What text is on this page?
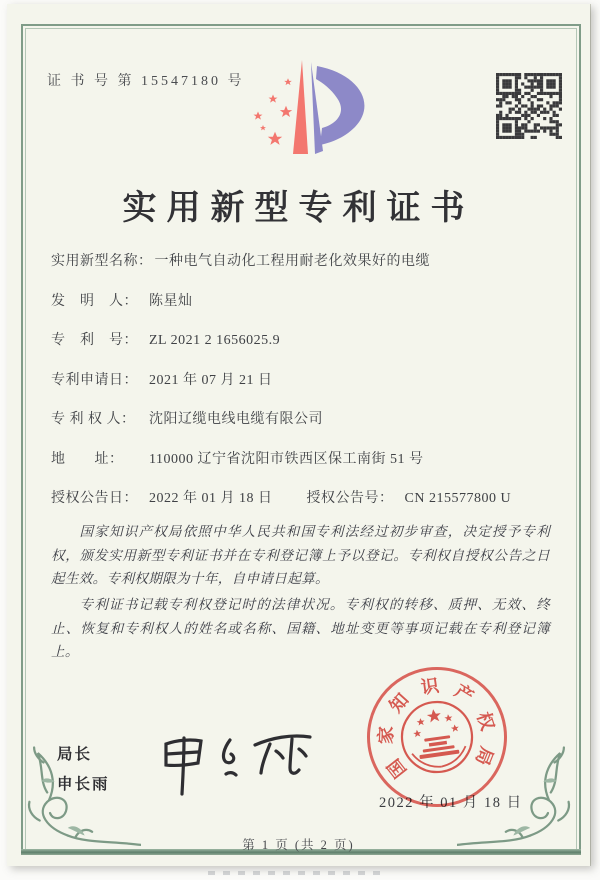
证 书 号 第 15547180 号
实用新型专利证书
实用新型名称： 一种电气自动化工程用耐老化效果好的电缆
发　明　人： 陈星灿
专　利　号： ZL 2021 2 1656025.9
专利申请日： 2021 年 07 月 21 日
专 利 权 人： 沈阳辽缆电线电缆有限公司
地　　址：	110000 辽宁省沈阳市铁西区保工南街 51 号
授权公告日： 2022 年 01 月 18 日 授权公告号： CN 215577800 U

国家知识产权局依照中华人民共和国专利法经过初步审查，决定授予专利权，颁发实用新型专利证书并在专利登记簿上予以登记。专利权自授权公告之日起生效。专利权期限为十年，自申请日起算。

专利证书记载专利权登记时的法律状况。专利权的转移、质押、无效、终止、恢复和专利权人的姓名或名称、国籍、地址变更等事项记载在专利登记簿上。

局长
申长雨
2022 年 01 月 18 日
国
家
知
识 产
权
局
第 1 页 (共 2 页)
